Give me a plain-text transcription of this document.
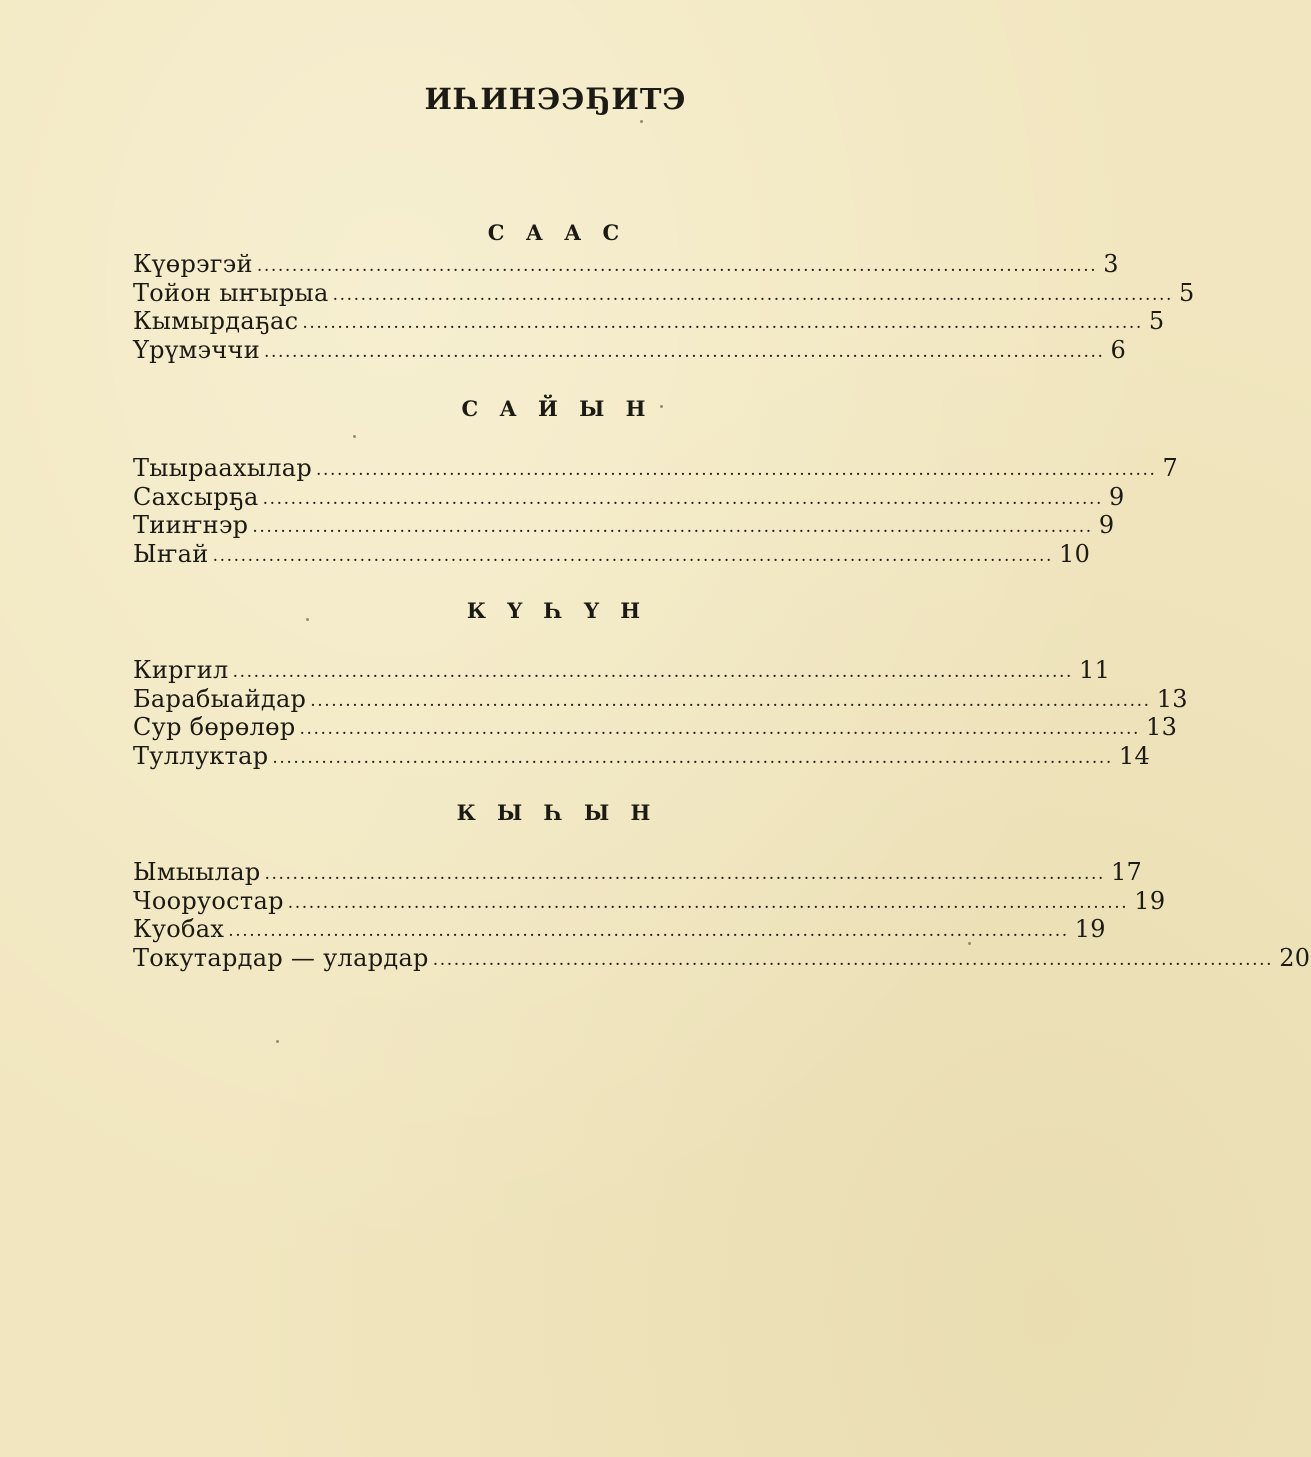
ИҺИНЭЭҔИТЭ
С А А С
Күөрэгэй ........................................................................................................................ 3
Тойон ыҥырыа ........................................................................................................................ 5
Кымырдаҕас ........................................................................................................................ 5
Үрүмэччи ........................................................................................................................ 6
С А Й Ы Н
Тыыраахылар ........................................................................................................................ 7
Сахсырҕа ........................................................................................................................ 9
Тииҥнэр ........................................................................................................................ 9
Ыҥай ........................................................................................................................ 10
К Ү Һ Ү Н
Киргил ........................................................................................................................ 11
Барабыайдар ........................................................................................................................ 13
Сур бөрөлөр ........................................................................................................................ 13
Туллуктар ........................................................................................................................ 14
К Ы Һ Ы Н
Ымыылар ........................................................................................................................ 17
Чооруостар ........................................................................................................................ 19
Куобах ........................................................................................................................ 19
Токутардар — улардар ........................................................................................................................ 20
